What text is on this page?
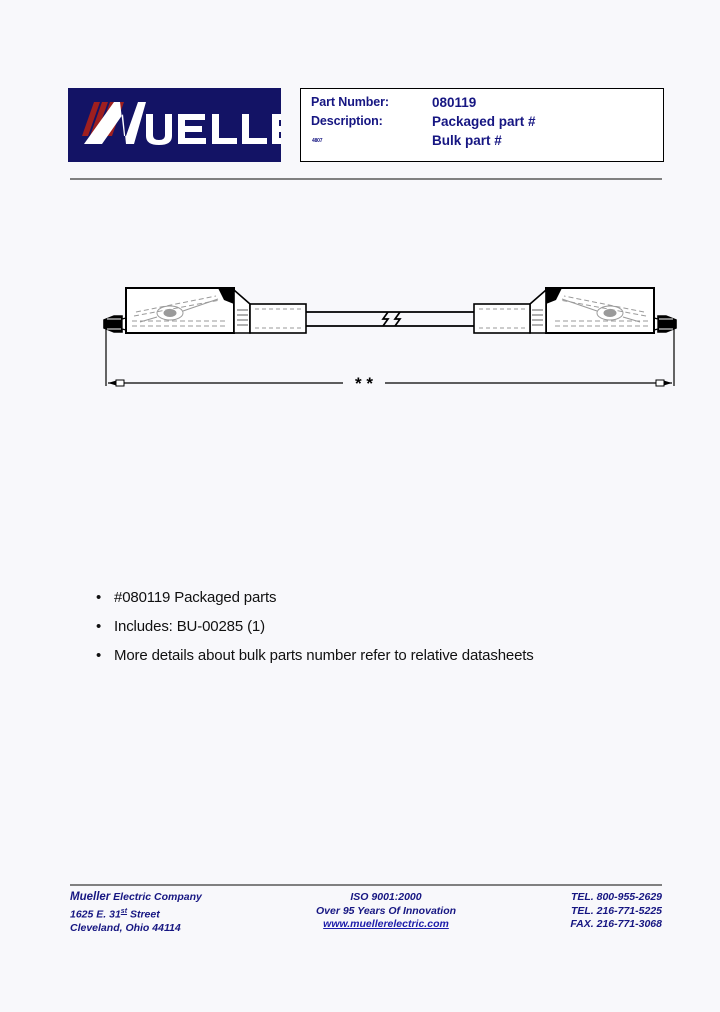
Part Number:	080119
Description:	Packaged part #
Bulk part #
4807
* *
• #080119 Packaged parts
• Includes: BU-00285 (1)
• More details about bulk parts number refer to relative datasheets
Mueller Electric Company
1625 E. 31st Street
Cleveland, Ohio 44114
ISO 9001:2000
Over 95 Years Of Innovation
www.muellerelectric.com
TEL. 800-955-2629
TEL. 216-771-5225
FAX. 216-771-3068
